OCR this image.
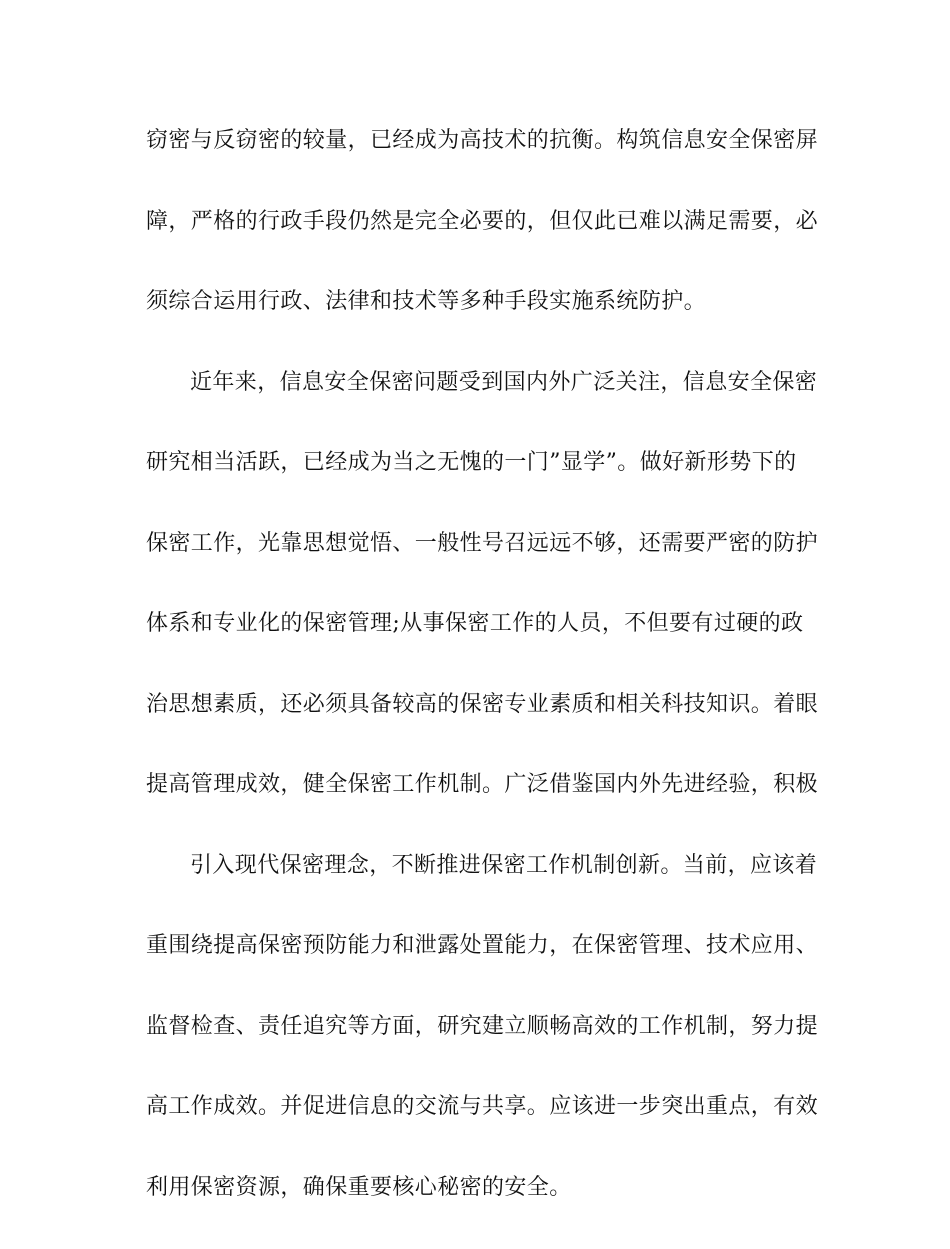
窃密与反窃密的较量，已经成为高技术的抗衡。构筑信息安全保密屏
障，严格的行政手段仍然是完全必要的，但仅此已难以满足需要，必
须综合运用行政、法律和技术等多种手段实施系统防护。
近年来，信息安全保密问题受到国内外广泛关注，信息安全保密
研究相当活跃，已经成为当之无愧的一门”显学”。做好新形势下的
保密工作，光靠思想觉悟、一般性号召远远不够，还需要严密的防护
体系和专业化的保密管理;从事保密工作的人员，不但要有过硬的政
治思想素质，还必须具备较高的保密专业素质和相关科技知识。着眼
提高管理成效，健全保密工作机制。广泛借鉴国内外先进经验，积极
引入现代保密理念，不断推进保密工作机制创新。当前，应该着
重围绕提高保密预防能力和泄露处置能力，在保密管理、技术应用、
监督检查、责任追究等方面，研究建立顺畅高效的工作机制，努力提
高工作成效。并促进信息的交流与共享。应该进一步突出重点，有效
利用保密资源，确保重要核心秘密的安全。
